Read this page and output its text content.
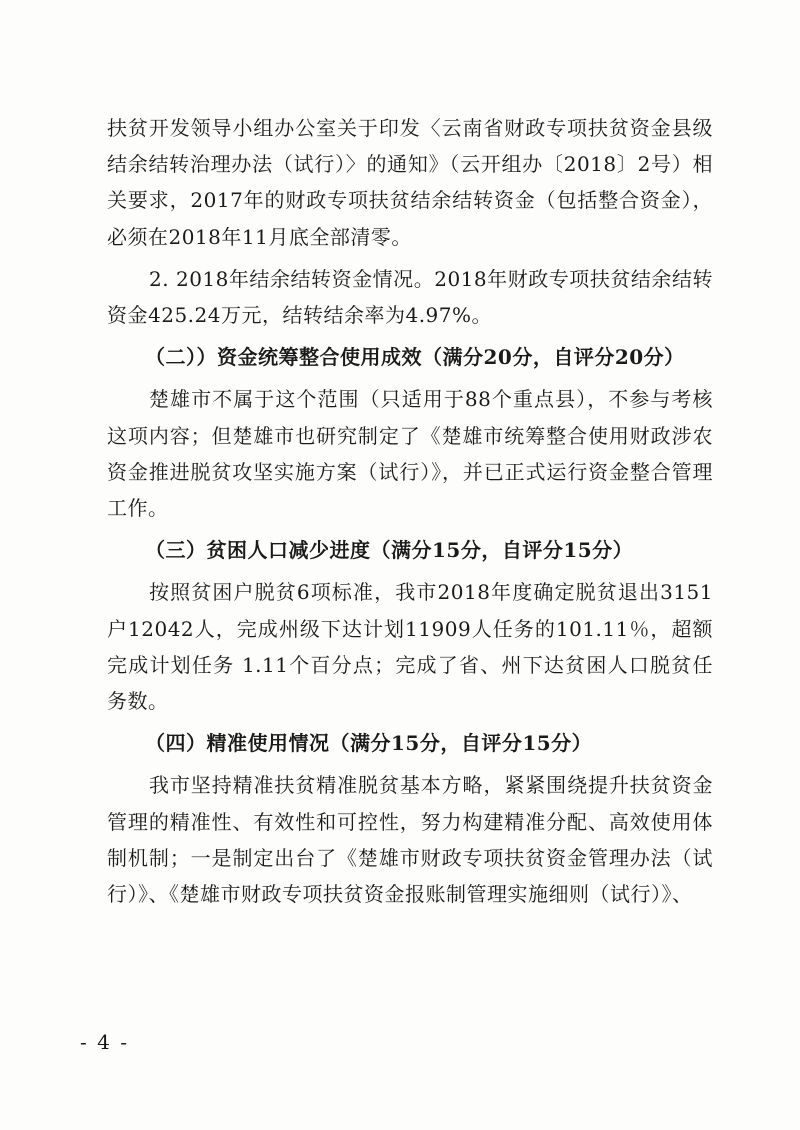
扶贫开发领导小组办公室关于印发〈云南省财政专项扶贫资金县级结余结转治理办法（试行）〉的通知》（云开组办〔2018〕2号）相关要求，2017年的财政专项扶贫结余结转资金（包括整合资金），必须在2018年11月底全部清零。

2. 2018年结余结转资金情况。2018年财政专项扶贫结余结转资金425.24万元，结转结余率为4.97%。

（二））资金统筹整合使用成效（满分20分，自评分20分）

楚雄市不属于这个范围（只适用于88个重点县），不参与考核这项内容；但楚雄市也研究制定了《楚雄市统筹整合使用财政涉农资金推进脱贫攻坚实施方案（试行）》，并已正式运行资金整合管理工作。

（三）贫困人口减少进度（满分15分，自评分15分）

按照贫困户脱贫6项标准，我市2018年度确定脱贫退出3151户12042人，完成州级下达计划11909人任务的101.11％，超额完成计划任务 1.11个百分点；完成了省、州下达贫困人口脱贫任务数。

（四）精准使用情况（满分15分，自评分15分）

我市坚持精准扶贫精准脱贫基本方略，紧紧围绕提升扶贫资金管理的精准性、有效性和可控性，努力构建精准分配、高效使用体制机制；一是制定出台了《楚雄市财政专项扶贫资金管理办法（试行）》、《楚雄市财政专项扶贫资金报账制管理实施细则（试行）》、

- 4 -
